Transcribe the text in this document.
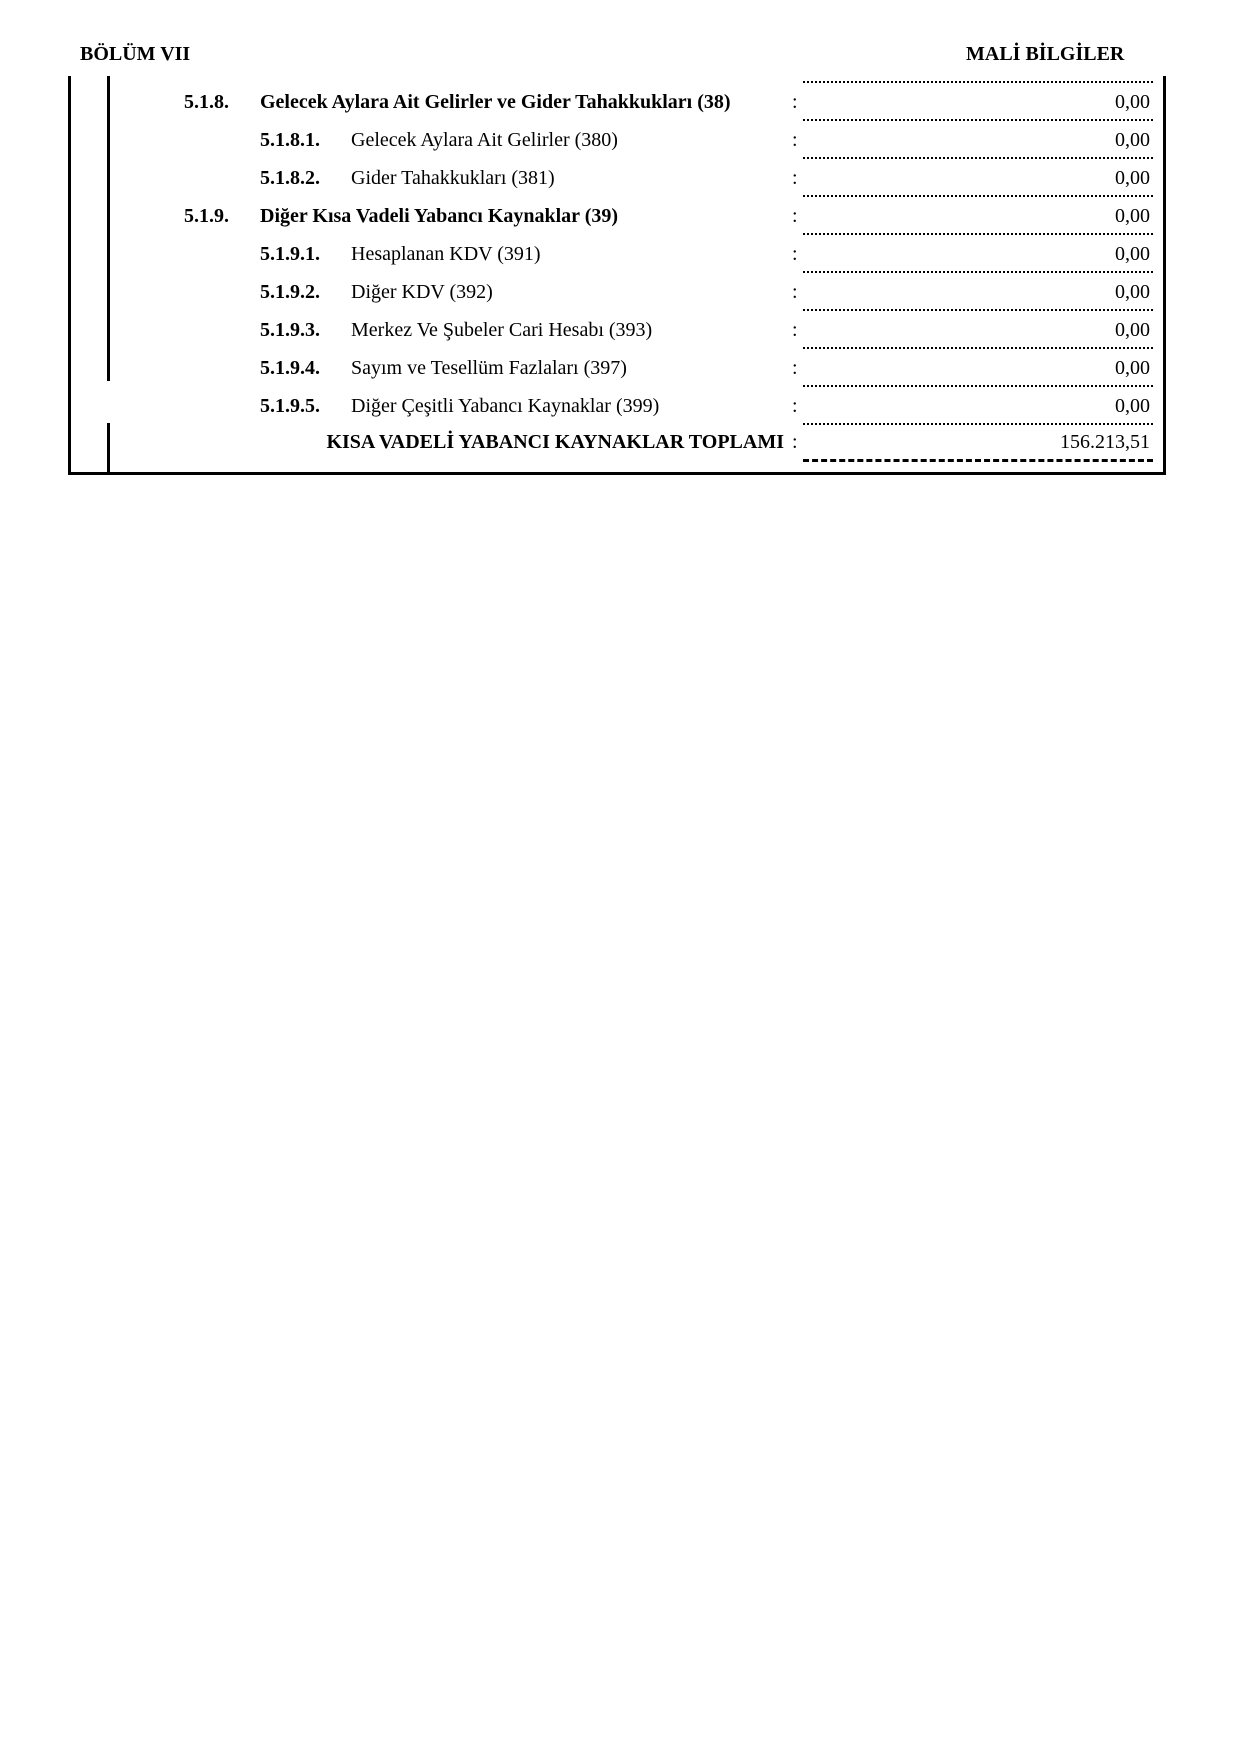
BÖLÜM VII	MALİ BİLGİLER
5.1.8. Gelecek Aylara Ait Gelirler ve Gider Tahakkukları (38)	:	0,00
5.1.8.1. Gelecek Aylara Ait Gelirler (380)	:	0,00
5.1.8.2. Gider Tahakkukları (381)	:	0,00
5.1.9. Diğer Kısa Vadeli Yabancı Kaynaklar (39)	:	0,00
5.1.9.1. Hesaplanan KDV (391)	:	0,00
5.1.9.2. Diğer KDV (392)	:	0,00
5.1.9.3. Merkez Ve Şubeler Cari Hesabı (393)	:	0,00
5.1.9.4. Sayım ve Tesellüm Fazlaları (397)	:	0,00
5.1.9.5. Diğer Çeşitli Yabancı Kaynaklar (399)	:	0,00
KISA VADELİ YABANCI KAYNAKLAR TOPLAMI :	156.213,51
